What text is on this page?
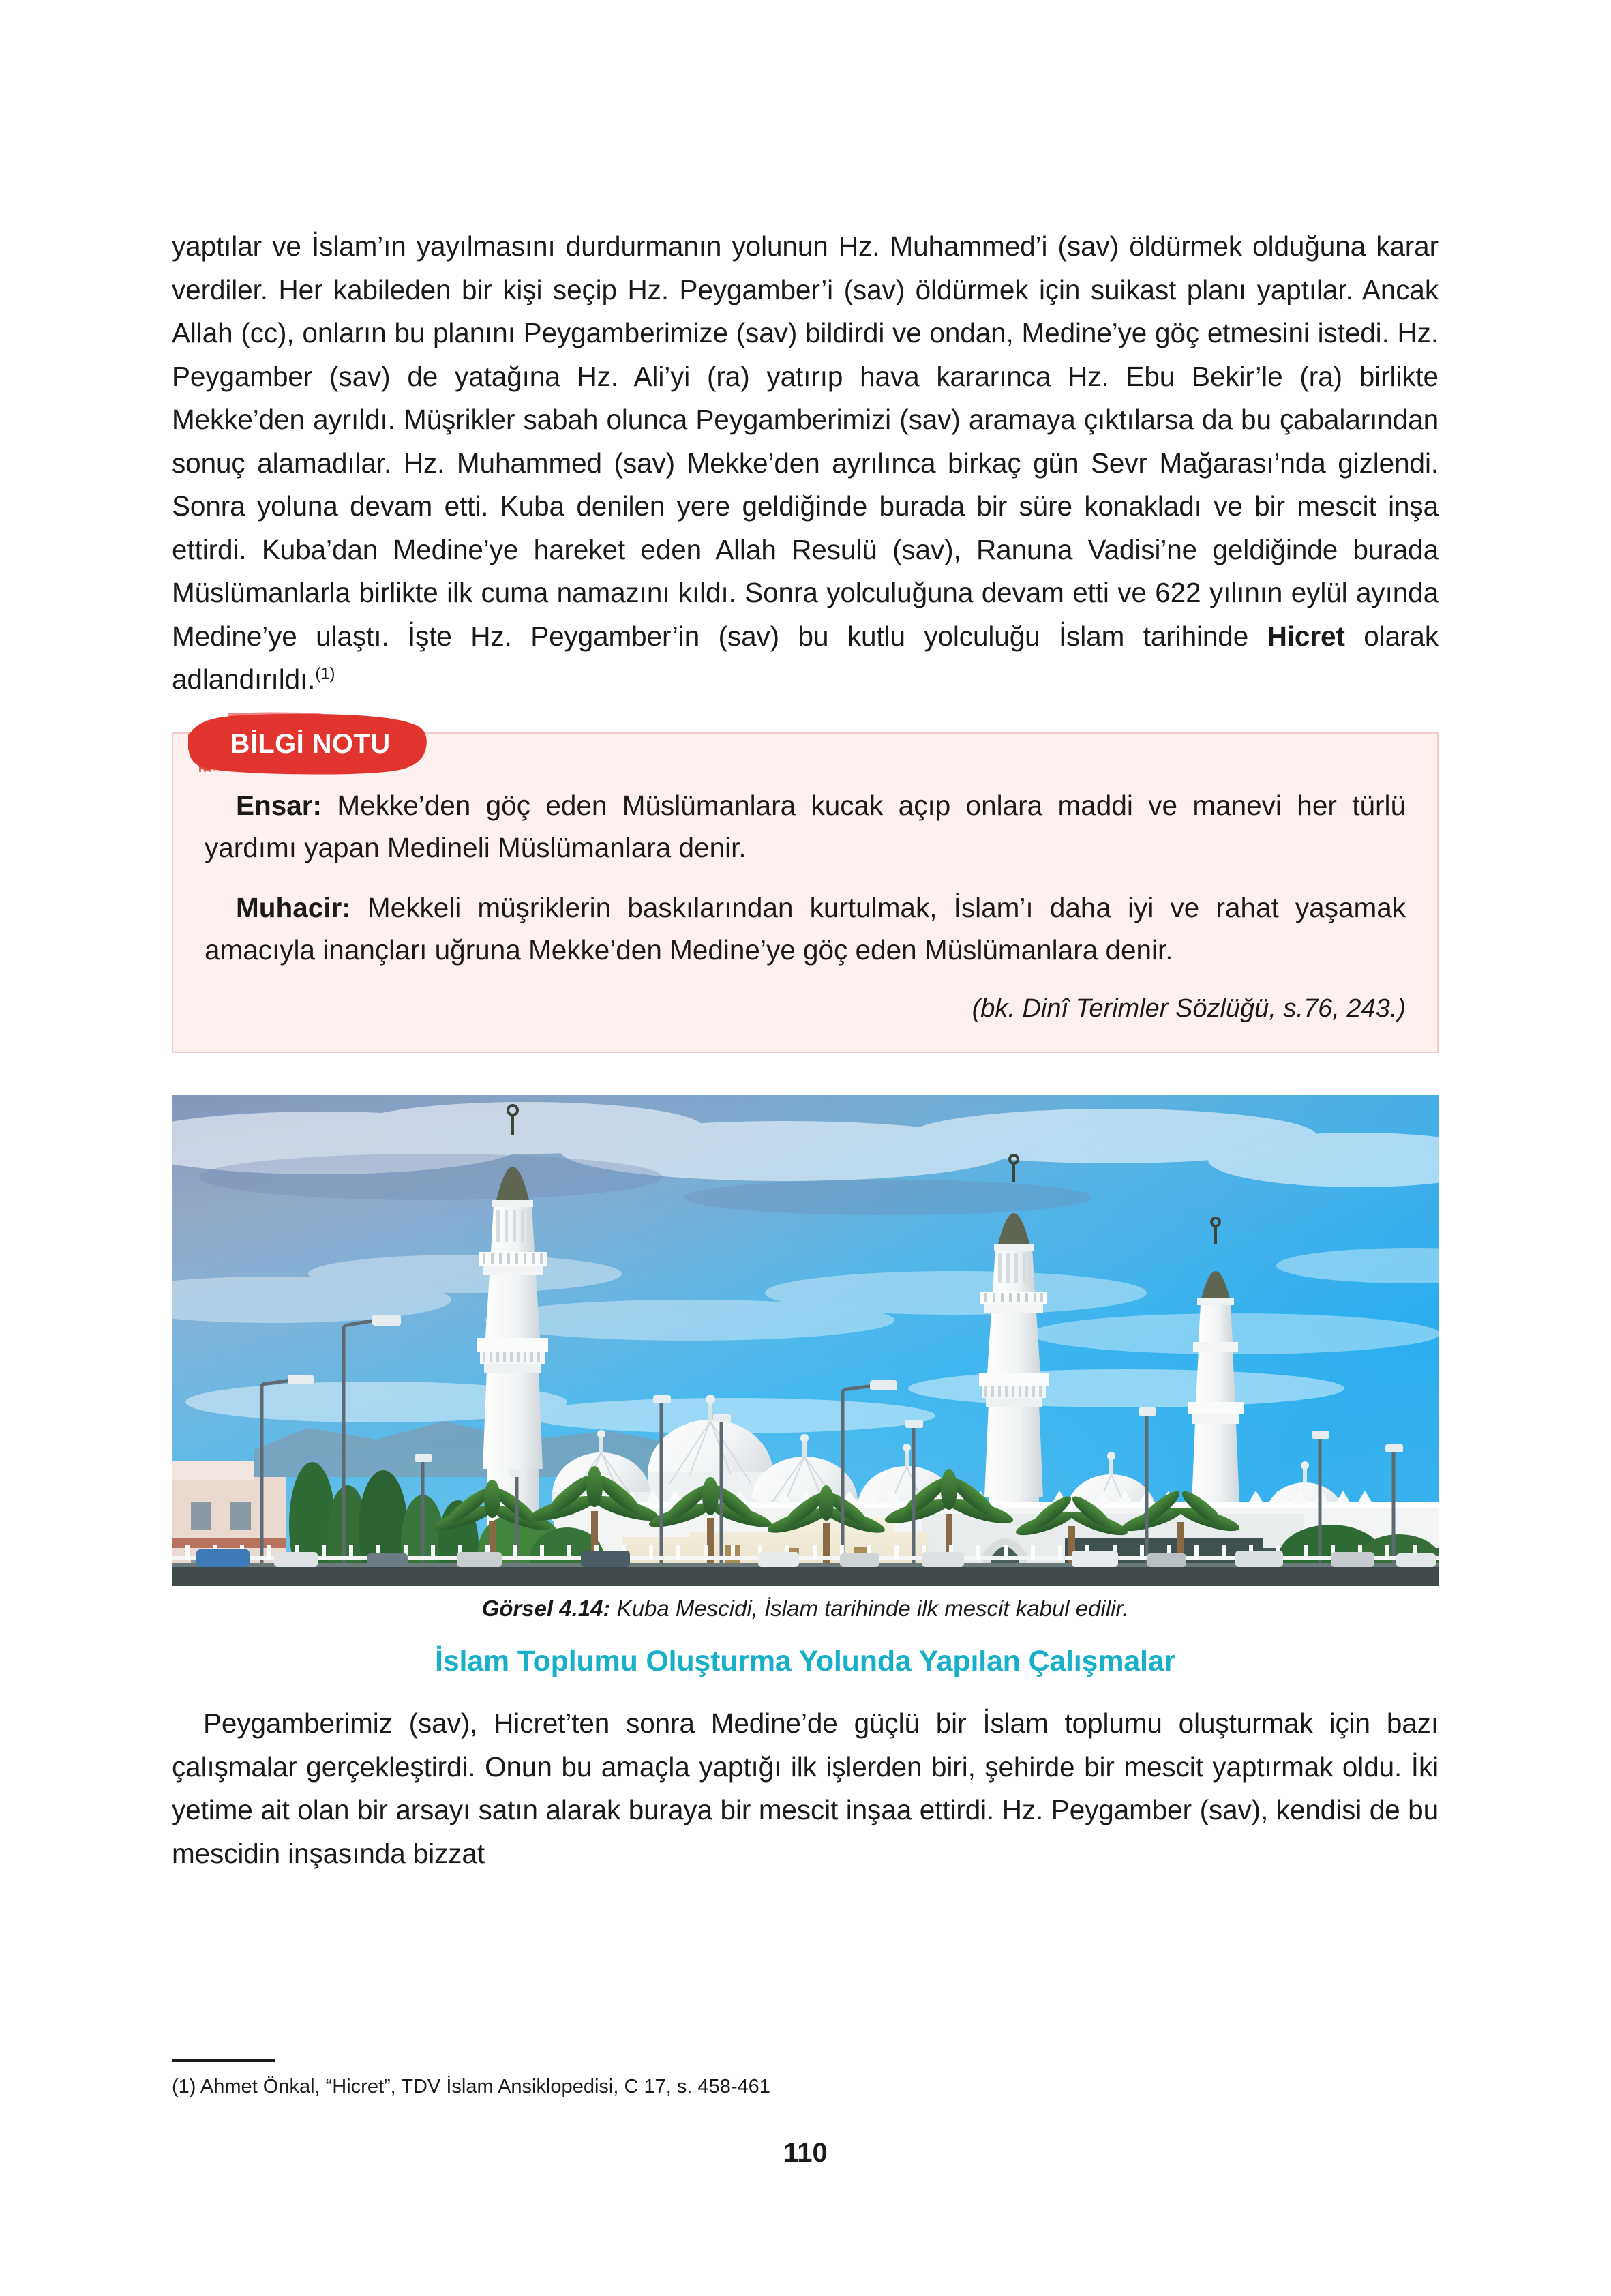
yaptılar ve İslam’ın yayılmasını durdurmanın yolunun Hz. Muhammed’i (sav) öldürmek olduğuna karar verdiler. Her kabileden bir kişi seçip Hz. Peygamber’i (sav) öldürmek için suikast planı yaptılar. Ancak Allah (cc), onların bu planını Peygamberimize (sav) bildirdi ve ondan, Medine’ye göç etmesini istedi. Hz. Peygamber (sav) de yatağına Hz. Ali’yi (ra) yatırıp hava kararınca Hz. Ebu Bekir’le (ra) birlikte Mekke’den ayrıldı. Müşrikler sabah olunca Peygamberimizi (sav) aramaya çıktılarsa da bu çabalarından sonuç alamadılar. Hz. Muhammed (sav) Mekke’den ayrılınca birkaç gün Sevr Mağarası’nda gizlendi. Sonra yoluna devam etti. Kuba denilen yere geldiğinde burada bir süre konakladı ve bir mescit inşa ettirdi. Kuba’dan Medine’ye hareket eden Allah Resulü (sav), Ranuna Vadisi’ne geldiğinde burada Müslümanlarla birlikte ilk cuma namazını kıldı. Sonra yolculuğuna devam etti ve 622 yılının eylül ayında Medine’ye ulaştı. İşte Hz. Peygamber’in (sav) bu kutlu yolculuğu İslam tarihinde Hicret olarak adlandırıldı.$^{(1)}$

BİLGİ NOTU

Ensar: Mekke’den göç eden Müslümanlara kucak açıp onlara maddi ve manevi her türlü yardımı yapan Medineli Müslümanlara denir.

Muhacir: Mekkeli müşriklerin baskılarından kurtulmak, İslam’ı daha iyi ve rahat yaşamak amacıyla inançları uğruna Mekke’den Medine’ye göç eden Müslümanlara denir.

(bk. Dinî Terimler Sözlüğü, s.76, 243.)
Görsel 4.14: Kuba Mescidi, İslam tarihinde ilk mescit kabul edilir.
İslam Toplumu Oluşturma Yolunda Yapılan Çalışmalar

Peygamberimiz (sav), Hicret’ten sonra Medine’de güçlü bir İslam toplumu oluşturmak için bazı çalışmalar gerçekleştirdi. Onun bu amaçla yaptığı ilk işlerden biri, şehirde bir mescit yaptırmak oldu. İki yetime ait olan bir arsayı satın alarak buraya bir mescit inşaa ettirdi. Hz. Peygamber (sav), kendisi de bu mescidin inşasında bizzat

(1) Ahmet Önkal, “Hicret”, TDV İslam Ansiklopedisi, C 17, s. 458-461
110
